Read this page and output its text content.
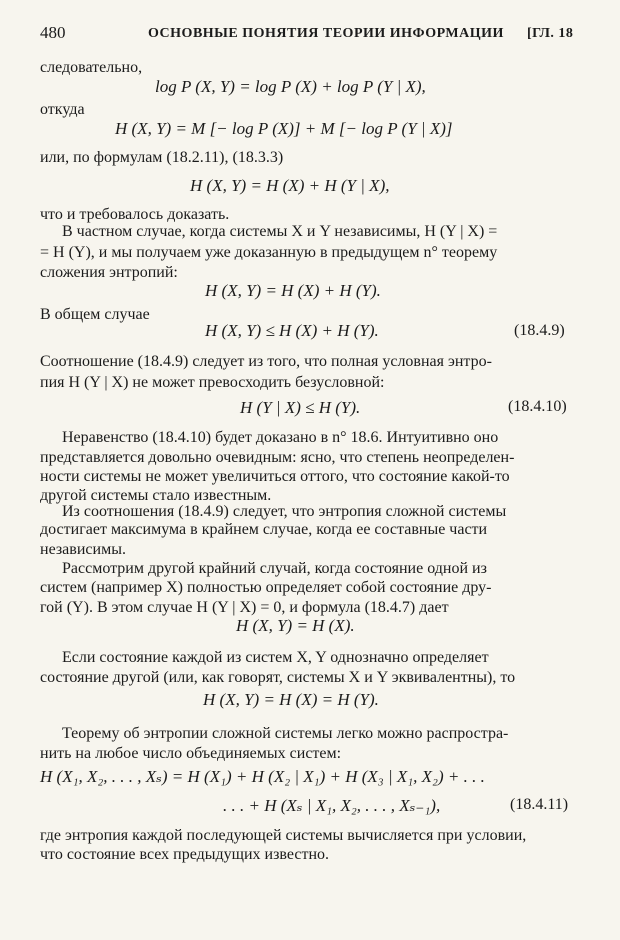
480	ОСНОВНЫЕ ПОНЯТИЯ ТЕОРИИ ИНФОРМАЦИИ [ГЛ. 18
следовательно,
log P (X, Y) = log P (X) + log P (Y | X),
откуда
H (X, Y) = M [− log P (X)] + M [− log P (Y | X)]
или, по формулам (18.2.11), (18.3.3)
H (X, Y) = H (X) + H (Y | X),
что и требовалось доказать.
В частном случае, когда системы X и Y независимы, H (Y | X) =
= H (Y), и мы получаем уже доказанную в предыдущем n° теорему
сложения энтропий:
H (X, Y) = H (X) + H (Y).
В общем случае
H (X, Y) ≤ H (X) + H (Y).	(18.4.9)
Соотношение (18.4.9) следует из того, что полная условная энтро-
пия H (Y | X) не может превосходить безусловной:
H (Y | X) ≤ H (Y).	(18.4.10)
Неравенство (18.4.10) будет доказано в n° 18.6. Интуитивно оно
представляется довольно очевидным: ясно, что степень неопределен-
ности системы не может увеличиться оттого, что состояние какой-то
другой системы стало известным.
Из соотношения (18.4.9) следует, что энтропия сложной системы
достигает максимума в крайнем случае, когда ее составные части
независимы.
Рассмотрим другой крайний случай, когда состояние одной из
систем (например X) полностью определяет собой состояние дру-
гой (Y). В этом случае H (Y | X) = 0, и формула (18.4.7) дает
H (X, Y) = H (X).
Если состояние каждой из систем X, Y однозначно определяет
состояние другой (или, как говорят, системы X и Y эквивалентны), то
H (X, Y) = H (X) = H (Y).
Теорему об энтропии сложной системы легко можно распростра-
нить на любое число объединяемых систем:
H (X₁, X₂, . . . , Xₛ) = H (X₁) + H (X₂ | X₁) + H (X₃ | X₁, X₂) + . . .
. . . + H (Xₛ | X₁, X₂, . . . , Xₛ₋₁),	(18.4.11)
где энтропия каждой последующей системы вычисляется при условии,
что состояние всех предыдущих известно.
